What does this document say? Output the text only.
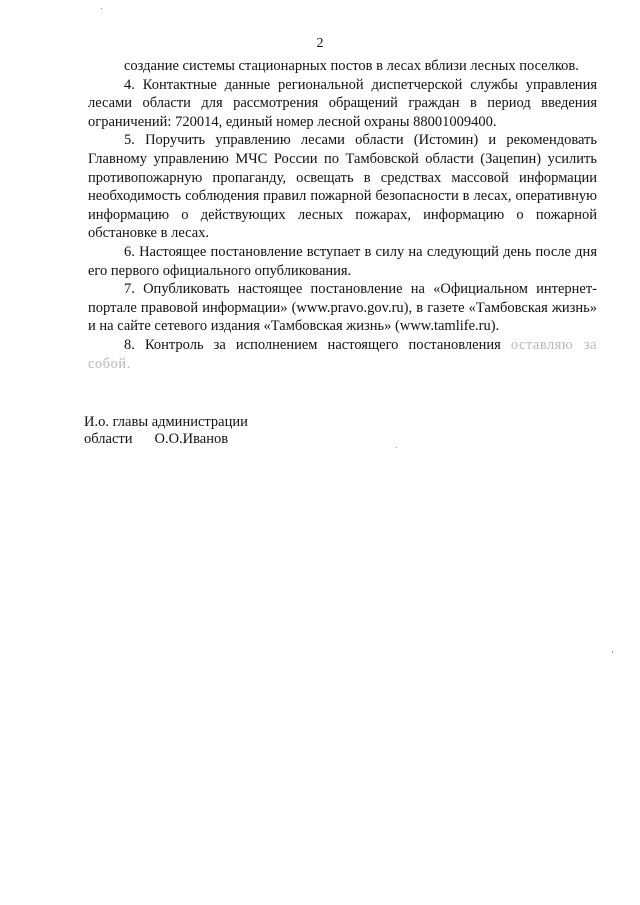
2

создание системы стационарных постов в лесах вблизи лесных поселков.

4. Контактные данные региональной диспетчерской службы управления лесами области для рассмотрения обращений граждан в период введения ограничений: 720014, единый номер лесной охраны 88001009400.

5. Поручить управлению лесами области (Истомин) и рекомендовать Главному управлению МЧС России по Тамбовской области (Зацепин) усилить противопожарную пропаганду, освещать в средствах массовой информации необходимость соблюдения правил пожарной безопасности в лесах, оперативную информацию о действующих лесных пожарах, информацию о пожарной обстановке в лесах.

6. Настоящее постановление вступает в силу на следующий день после дня его первого официального опубликования.

7. Опубликовать настоящее постановление на «Официальном интернет-портале правовой информации» (www.pravo.gov.ru), в газете «Тамбовская жизнь» и на сайте сетевого издания «Тамбовская жизнь» (www.tamlife.ru).

8. Контроль за исполнением настоящего постановления оставляю за собой.

И.о. главы администрации

области О.О.Иванов
